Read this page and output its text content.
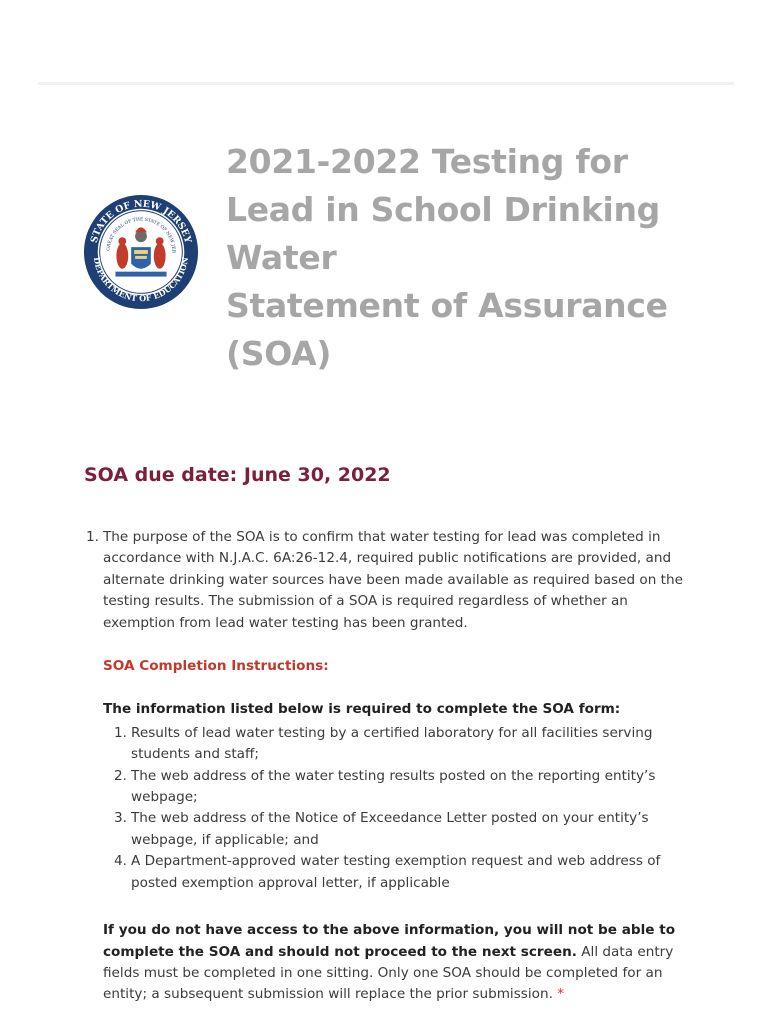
STATE OF NEW JERSEY
DEPARTMENT OF EDUCATION
GREAT SEAL OF THE STATE OF NEW JER
2021-2022 Testing for
Lead in School Drinking
Water
Statement of Assurance
(SOA)
SOA due date: June 30, 2022

1. The purpose of the SOA is to confirm that water testing for lead was completed in accordance with N.J.A.C. 6A:26-12.4, required public notifications are provided, and alternate drinking water sources have been made available as required based on the testing results. The submission of a SOA is required regardless of whether an exemption from lead water testing has been granted.

SOA Completion Instructions:
The information listed below is required to complete the SOA form:
1. Results of lead water testing by a certified laboratory for all facilities serving students and staff;
2. The web address of the water testing results posted on the reporting entity’s webpage;
3. The web address of the Notice of Exceedance Letter posted on your entity’s webpage, if applicable; and
4. A Department-approved water testing exemption request and web address of posted exemption approval letter, if applicable

If you do not have access to the above information, you will not be able to complete the SOA and should not proceed to the next screen. All data entry fields must be completed in one sitting. Only one SOA should be completed for an entity; a subsequent submission will replace the prior submission. *
